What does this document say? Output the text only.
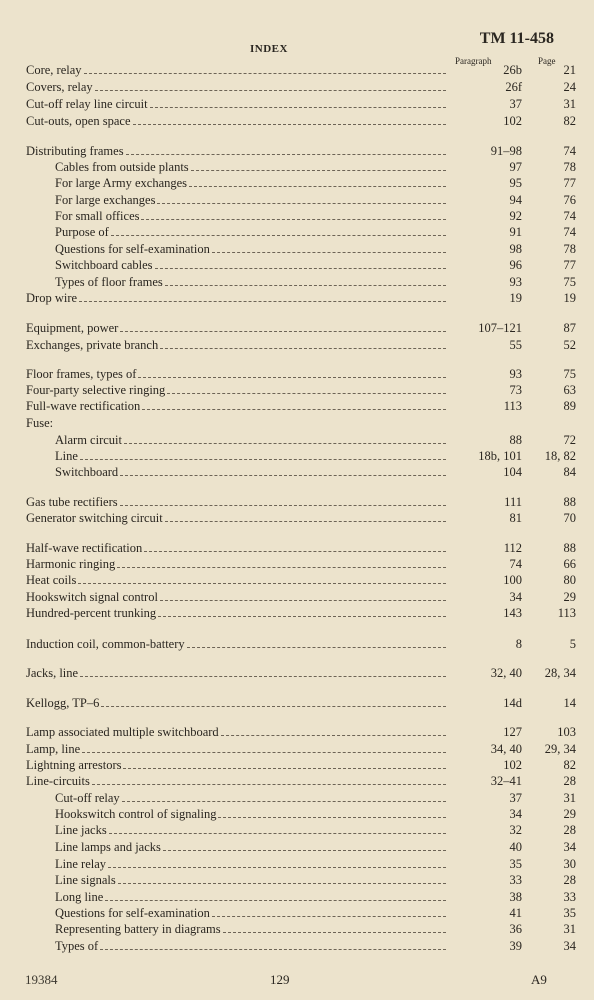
INDEX
TM 11-458
Paragraph	Page
Core, relay	26b	21
Covers, relay	26f	24
Cut-off relay line circuit	37	31
Cut-outs, open space	102	82
Distributing frames	91–98	74
Cables from outside plants	97	78
For large Army exchanges	95	77
For large exchanges	94	76
For small offices	92	74
Purpose of	91	74
Questions for self-examination	98	78
Switchboard cables	96	77
Types of floor frames	93	75
Drop wire	19	19
Equipment, power	107–121	87
Exchanges, private branch	55	52
Floor frames, types of	93	75
Four-party selective ringing	73	63
Full-wave rectification	113	89
Fuse:
Alarm circuit	88	72
Line	18b, 101	18, 82
Switchboard	104	84
Gas tube rectifiers	111	88
Generator switching circuit	81	70
Half-wave rectification	112	88
Harmonic ringing	74	66
Heat coils	100	80
Hookswitch signal control	34	29
Hundred-percent trunking	143	113
Induction coil, common-battery	8	5
Jacks, line	32, 40	28, 34
Kellogg, TP–6	14d	14
Lamp associated multiple switchboard	127	103
Lamp, line	34, 40	29, 34
Lightning arrestors	102	82
Line-circuits	32–41	28
Cut-off relay	37	31
Hookswitch control of signaling	34	29
Line jacks	32	28
Line lamps and jacks	40	34
Line relay	35	30
Line signals	33	28
Long line	38	33
Questions for self-examination	41	35
Representing battery in diagrams	36	31
Types of	39	34
19384	129	A9
